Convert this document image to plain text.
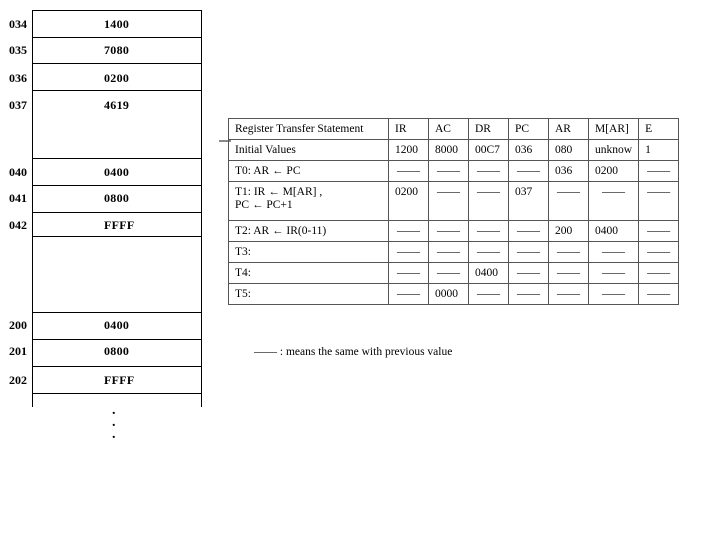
034	1400
035	7080
036	0200
037	4619
040	0400
041	0800
042	FFFF
200	0400
201	0800
202	FFFF
.
.
.
Register Transfer Statement	IR	AC	DR	PC	AR	M[AR]	E
Initial Values	1200	8000	00C7	036	080	unknow	1
T0: AR ← PC	——	——	——	——	036	0200	——
T1: IR ← M[AR] ,
PC ← PC+1	0200	——	——	037	——	——	——
T2: AR ← IR(0-11)	——	——	——	——	200	0400	——
T3:	——	——	——	——	——	——	——
T4:	——	——	0400	——	——	——	——
T5:	——	0000	——	——	——	——	——
—— : means the same with previous value
